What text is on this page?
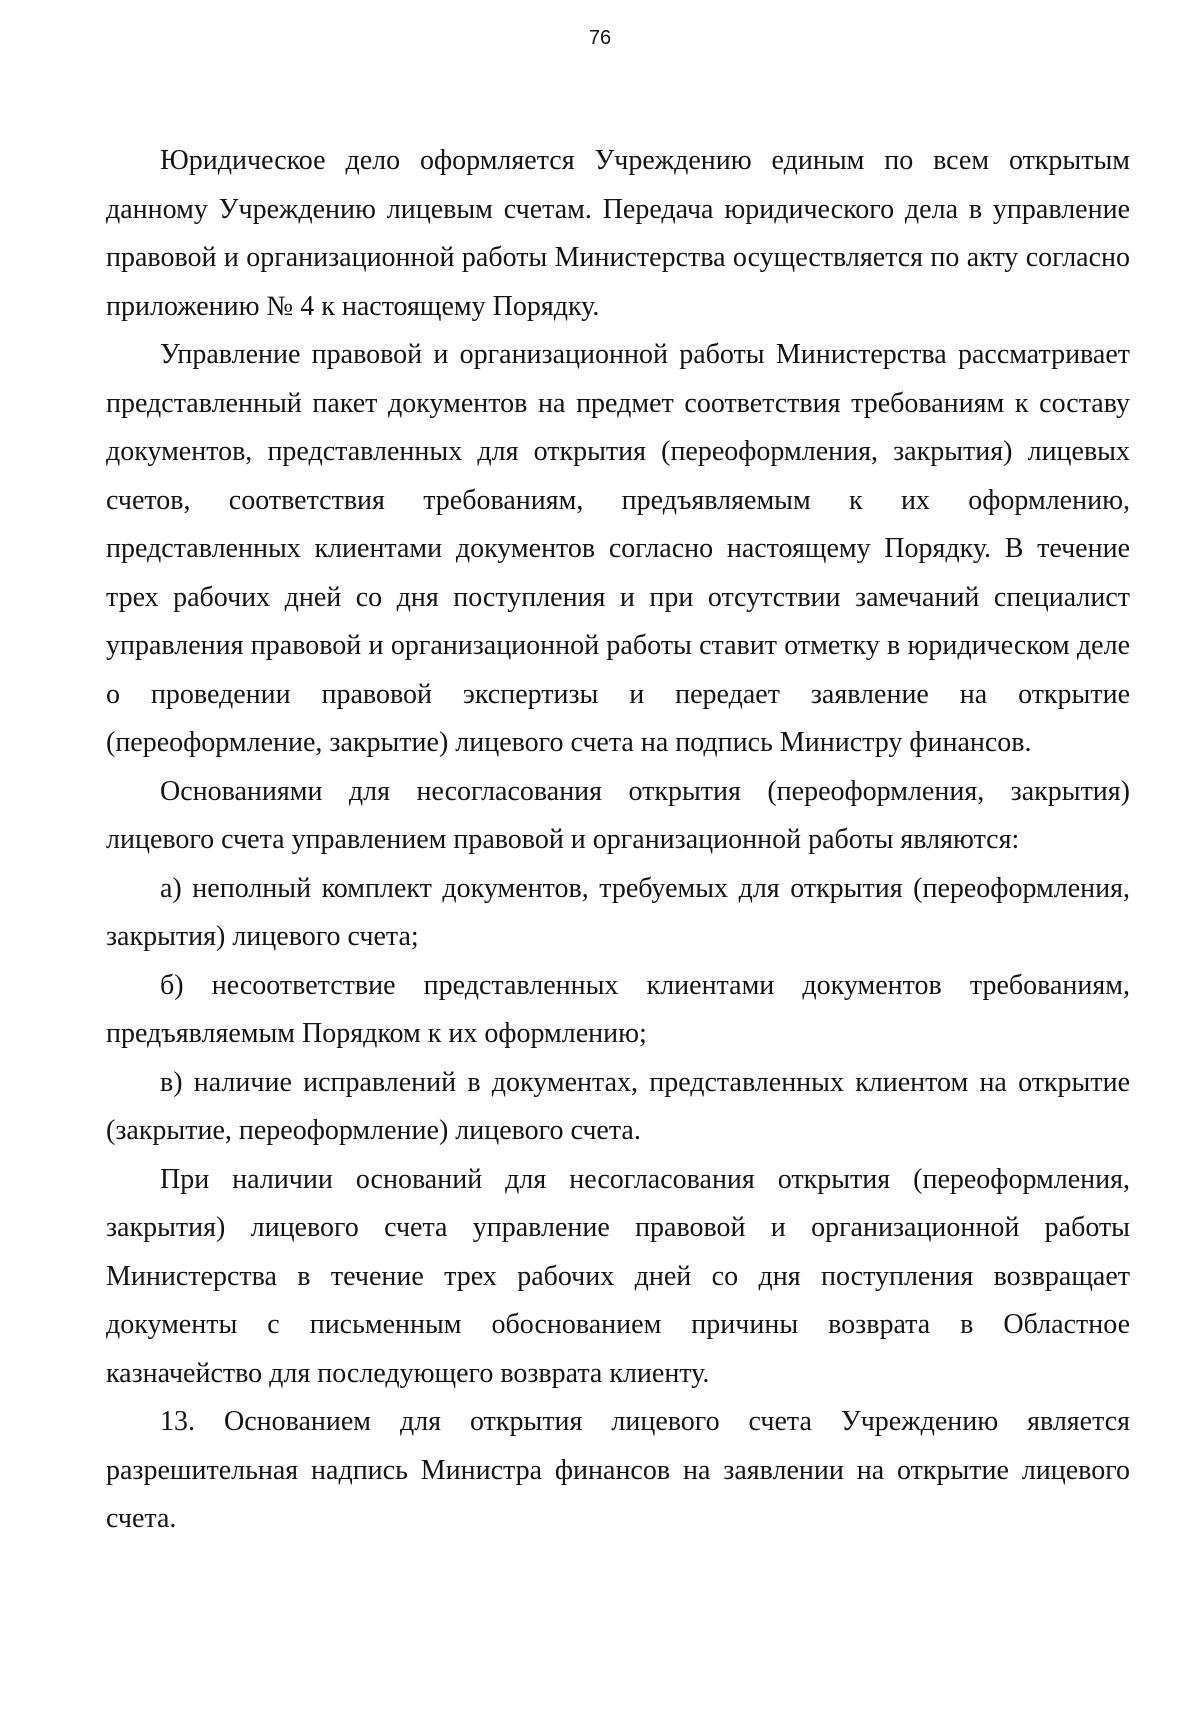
76

Юридическое дело оформляется Учреждению единым по всем открытым данному Учреждению лицевым счетам. Передача юридического дела в управление правовой и организационной работы Министерства осуществляется по акту согласно приложению № 4 к настоящему Порядку.

Управление правовой и организационной работы Министерства рассматривает представленный пакет документов на предмет соответствия требованиям к составу документов, представленных для открытия (переоформления, закрытия) лицевых счетов, соответствия требованиям, предъявляемым к их оформлению, представленных клиентами документов согласно настоящему Порядку. В течение трех рабочих дней со дня поступления и при отсутствии замечаний специалист управления правовой и организационной работы ставит отметку в юридическом деле о проведении правовой экспертизы и передает заявление на открытие (переоформление, закрытие) лицевого счета на подпись Министру финансов.

Основаниями для несогласования открытия (переоформления, закрытия) лицевого счета управлением правовой и организационной работы являются:

а) неполный комплект документов, требуемых для открытия (переоформления, закрытия) лицевого счета;

б) несоответствие представленных клиентами документов требованиям, предъявляемым Порядком к их оформлению;

в) наличие исправлений в документах, представленных клиентом на открытие (закрытие, переоформление) лицевого счета.

При наличии оснований для несогласования открытия (переоформления, закрытия) лицевого счета управление правовой и организационной работы Министерства в течение трех рабочих дней со дня поступления возвращает документы с письменным обоснованием причины возврата в Областное казначейство для последующего возврата клиенту.

13. Основанием для открытия лицевого счета Учреждению является разрешительная надпись Министра финансов на заявлении на открытие лицевого счета.
